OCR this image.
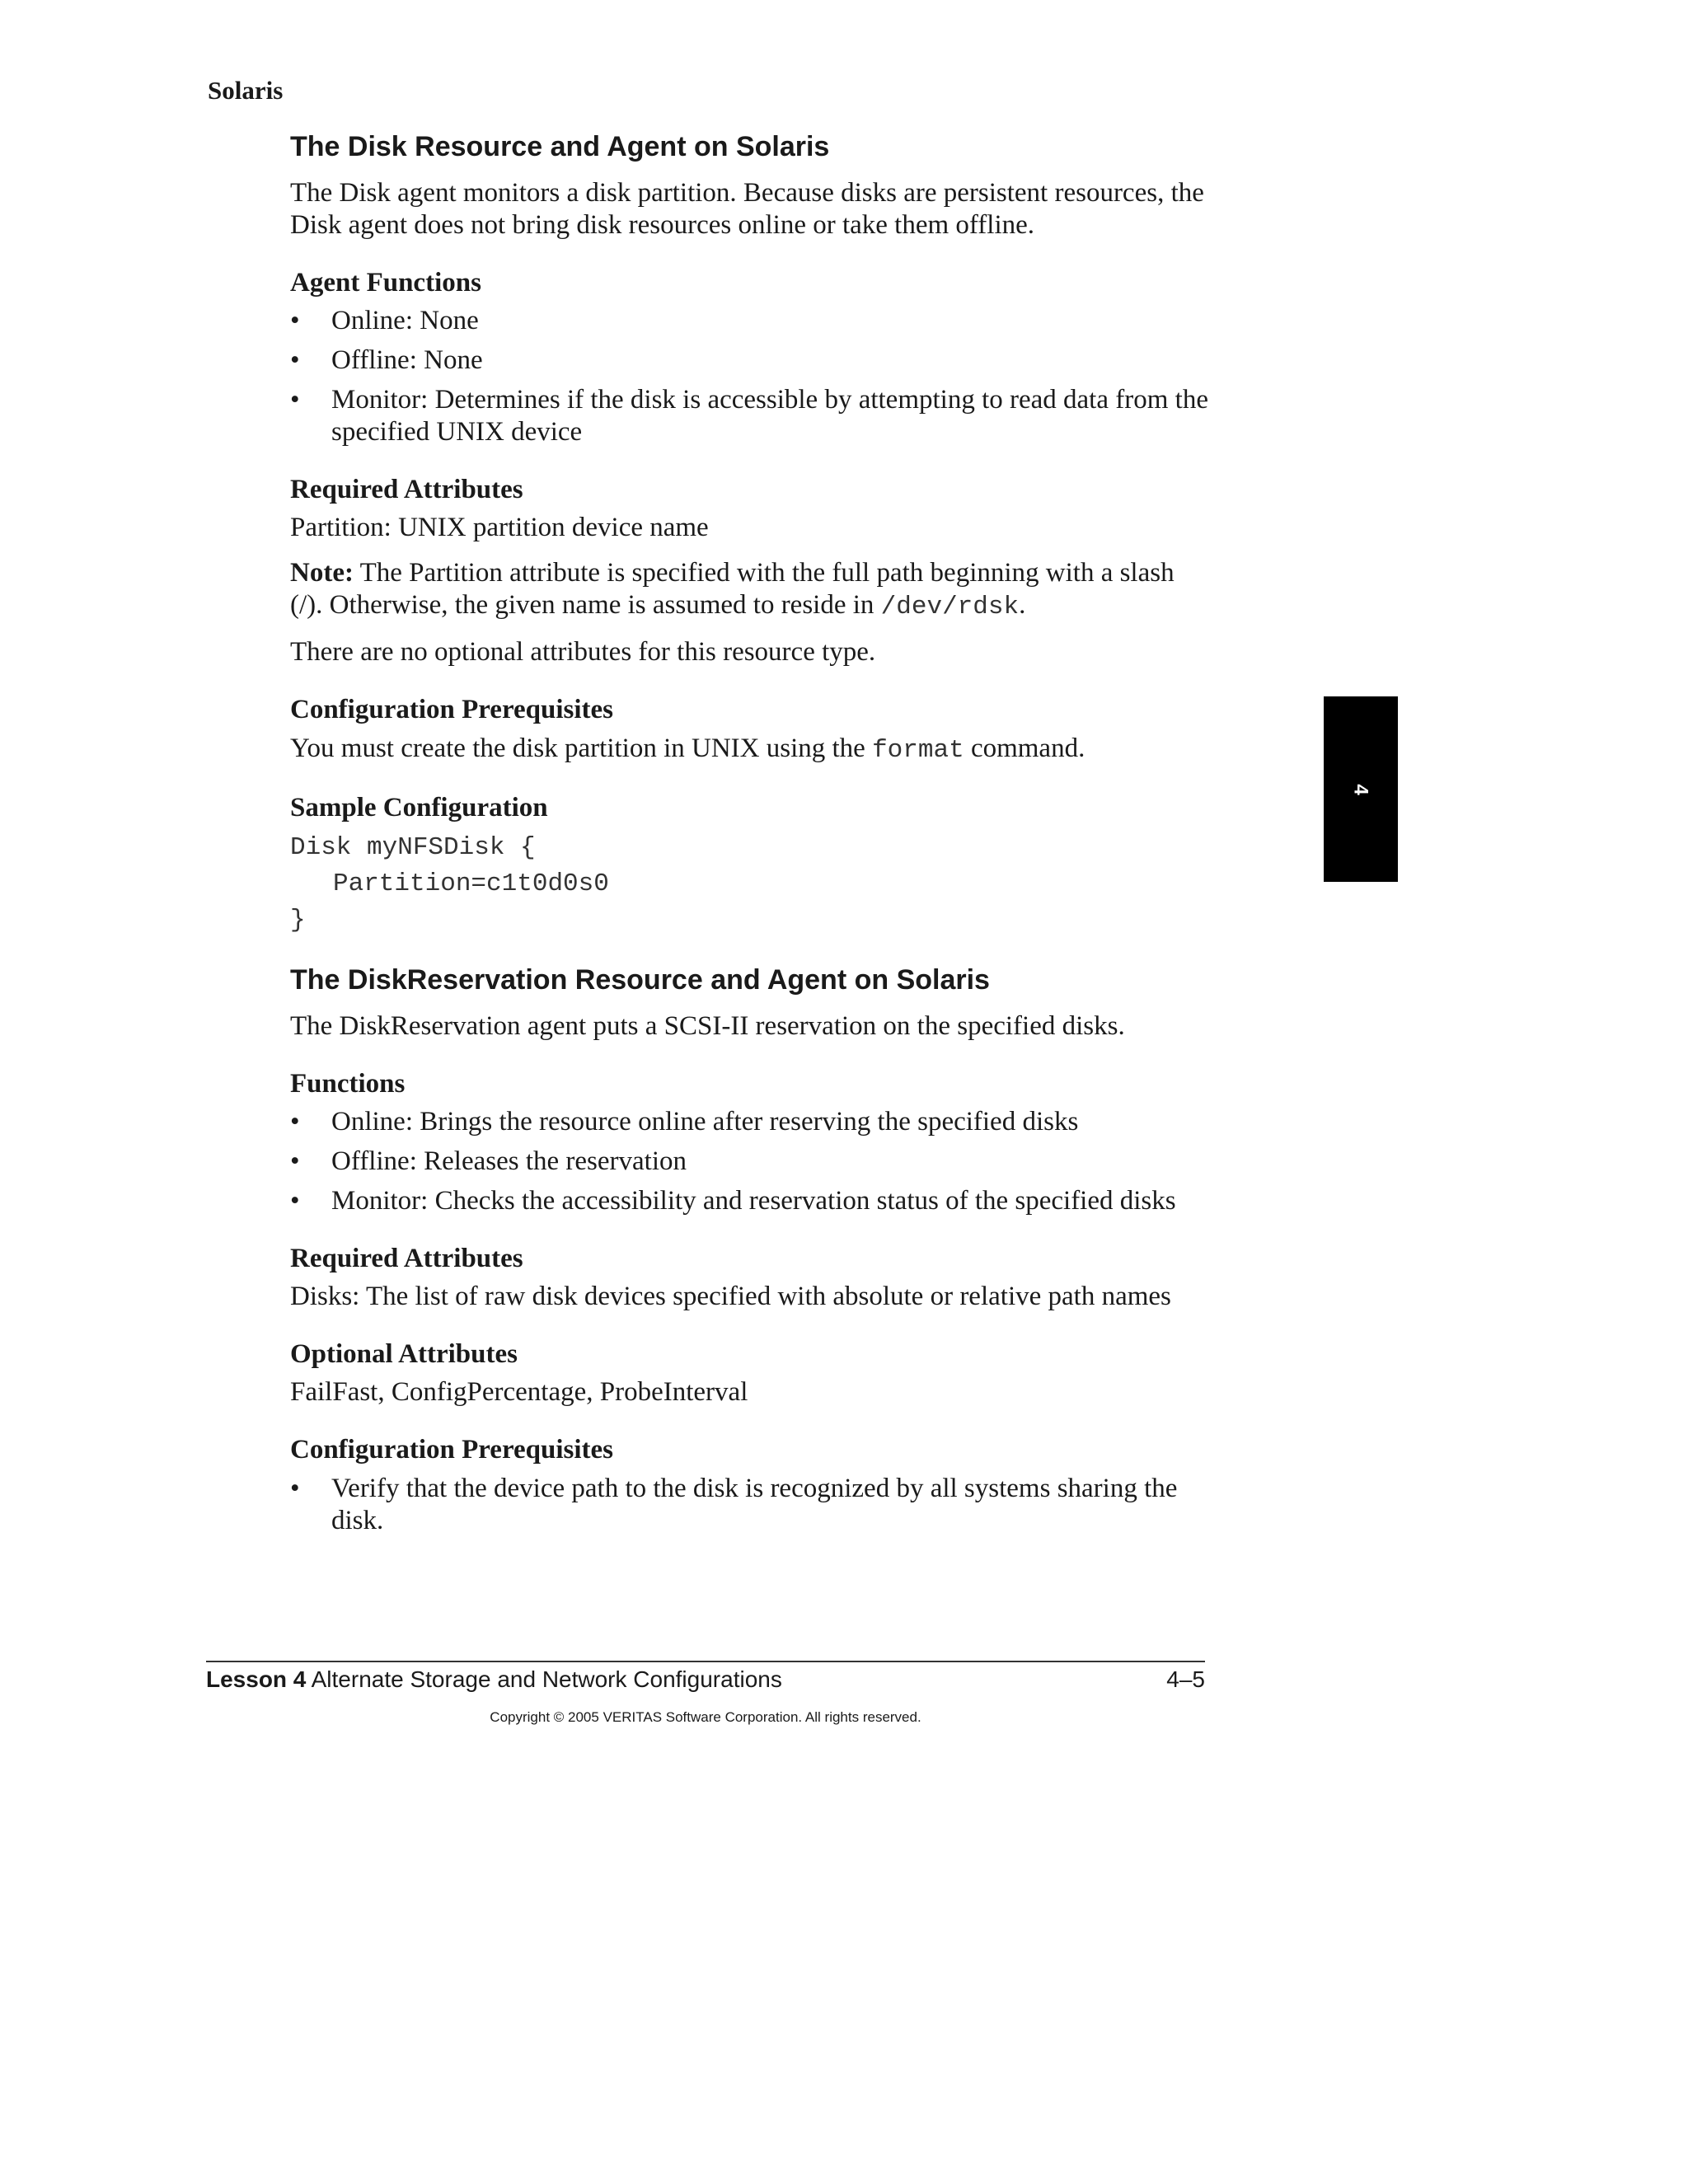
Solaris
4
The Disk Resource and Agent on Solaris

The Disk agent monitors a disk partition. Because disks are persistent resources, the Disk agent does not bring disk resources online or take them offline.

Agent Functions
• Online: None
• Offline: None
• Monitor: Determines if the disk is accessible by attempting to read data from the specified UNIX device
Required Attributes

Partition: UNIX partition device name

Note: The Partition attribute is specified with the full path beginning with a slash (/). Otherwise, the given name is assumed to reside in /dev/rdsk.

There are no optional attributes for this resource type.

Configuration Prerequisites

You must create the disk partition in UNIX using the format command.

Sample Configuration
Disk myNFSDisk {
Partition=c1t0d0s0
}
The DiskReservation Resource and Agent on Solaris

The DiskReservation agent puts a SCSI-II reservation on the specified disks.

Functions
• Online: Brings the resource online after reserving the specified disks
• Offline: Releases the reservation
• Monitor: Checks the accessibility and reservation status of the specified disks
Required Attributes

Disks: The list of raw disk devices specified with absolute or relative path names

Optional Attributes

FailFast, ConfigPercentage, ProbeInterval

Configuration Prerequisites
• Verify that the device path to the disk is recognized by all systems sharing the disk.
Lesson 4 Alternate Storage and Network Configurations	4–5
Copyright © 2005 VERITAS Software Corporation. All rights reserved.
